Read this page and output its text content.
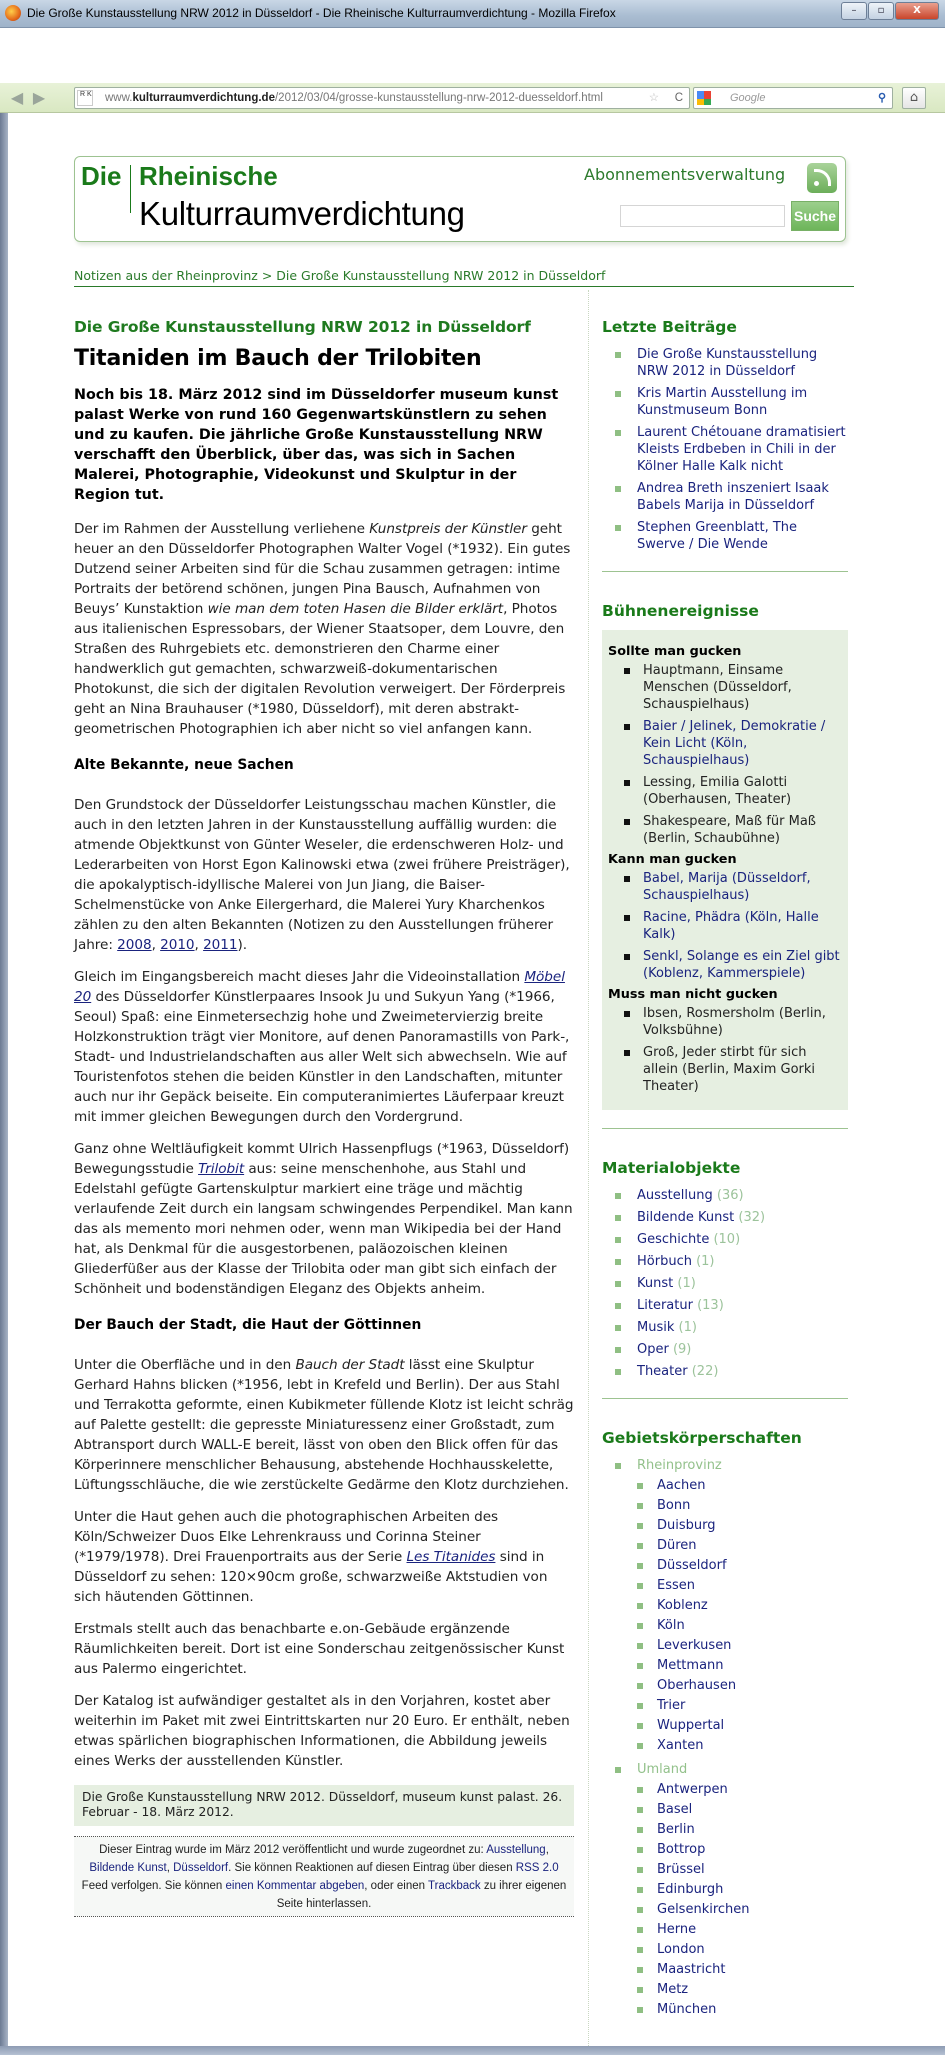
Die Große Kunstausstellung NRW 2012 in Düsseldorf - Die Rheinische Kulturraumverdichtung - Mozilla Firefox	–	▫	X
◀ ▶	R K www.kulturraumverdichtung.de/2012/03/04/grosse-kunstausstellung-nrw-2012-duesseldorf.html	☆ C	Google	⚲	⌂
Die Rheinische
Kulturraumverdichtung
Abonnementsverwaltung
Suche
Notizen aus der Rheinprovinz > Die Große Kunstausstellung NRW 2012 in Düsseldorf
Die Große Kunstausstellung NRW 2012 in Düsseldorf
Titaniden im Bauch der Trilobiten

Noch bis 18. März 2012 sind im Düsseldorfer museum kunst palast Werke von rund 160 Gegenwartskünstlern zu sehen und zu kaufen. Die jährliche Große Kunstausstellung NRW verschafft den Überblick, über das, was sich in Sachen Malerei, Photographie, Videokunst und Skulptur in der Region tut.

Der im Rahmen der Ausstellung verliehene Kunstpreis der Künstler geht heuer an den Düsseldorfer Photographen Walter Vogel (*1932). Ein gutes Dutzend seiner Arbeiten sind für die Schau zusammen getragen: intime Portraits der betörend schönen, jungen Pina Bausch, Aufnahmen von Beuys’ Kunstaktion wie man dem toten Hasen die Bilder erklärt, Photos aus italienischen Espressobars, der Wiener Staatsoper, dem Louvre, den Straßen des Ruhrgebiets etc. demonstrieren den Charme einer handwerklich gut gemachten, schwarzweiß-dokumentarischen Photokunst, die sich der digitalen Revolution verweigert. Der Förderpreis geht an Nina Brauhauser (*1980, Düsseldorf), mit deren abstrakt-geometrischen Photographien ich aber nicht so viel anfangen kann.

Alte Bekannte, neue Sachen

Den Grundstock der Düsseldorfer Leistungsschau machen Künstler, die auch in den letzten Jahren in der Kunstausstellung auffällig wurden: die atmende Objektkunst von Günter Weseler, die erdenschweren Holz- und Lederarbeiten von Horst Egon Kalinowski etwa (zwei frühere Preisträger), die apokalyptisch-idyllische Malerei von Jun Jiang, die Baiser-Schelmenstücke von Anke Eilergerhard, die Malerei Yury Kharchenkos zählen zu den alten Bekannten (Notizen zu den Ausstellungen früherer Jahre: 2008, 2010, 2011).

Gleich im Eingangsbereich macht dieses Jahr die Videoinstallation Möbel 20 des Düsseldorfer Künstlerpaares Insook Ju und Sukyun Yang (*1966, Seoul) Spaß: eine Einmetersechzig hohe und Zweimetervierzig breite Holzkonstruktion trägt vier Monitore, auf denen Panoramastills von Park-, Stadt- und Industrielandschaften aus aller Welt sich abwechseln. Wie auf Touristenfotos stehen die beiden Künstler in den Landschaften, mitunter auch nur ihr Gepäck beiseite. Ein computeranimiertes Läuferpaar kreuzt mit immer gleichen Bewegungen durch den Vordergrund.

Ganz ohne Weltläufigkeit kommt Ulrich Hassenpflugs (*1963, Düsseldorf) Bewegungsstudie Trilobit aus: seine menschenhohe, aus Stahl und Edelstahl gefügte Gartenskulptur markiert eine träge und mächtig verlaufende Zeit durch ein langsam schwingendes Perpendikel. Man kann das als memento mori nehmen oder, wenn man Wikipedia bei der Hand hat, als Denkmal für die ausgestorbenen, paläozoischen kleinen Gliederfüßer aus der Klasse der Trilobita oder man gibt sich einfach der Schönheit und bodenständigen Eleganz des Objekts anheim.

Der Bauch der Stadt, die Haut der Göttinnen

Unter die Oberfläche und in den Bauch der Stadt lässt eine Skulptur Gerhard Hahns blicken (*1956, lebt in Krefeld und Berlin). Der aus Stahl und Terrakotta geformte, einen Kubikmeter füllende Klotz ist leicht schräg auf Palette gestellt: die gepresste Miniaturessenz einer Großstadt, zum Abtransport durch WALL-E bereit, lässt von oben den Blick offen für das Körperinnere menschlicher Behausung, abstehende Hochhausskelette, Lüftungsschläuche, die wie zerstückelte Gedärme den Klotz durchziehen.

Unter die Haut gehen auch die photographischen Arbeiten des Köln/Schweizer Duos Elke Lehrenkrauss und Corinna Steiner (*1979/1978). Drei Frauenportraits aus der Serie Les Titanides sind in Düsseldorf zu sehen: 120×90cm große, schwarzweiße Aktstudien von sich häutenden Göttinnen.

Erstmals stellt auch das benachbarte e.on-Gebäude ergänzende Räumlichkeiten bereit. Dort ist eine Sonderschau zeitgenössischer Kunst aus Palermo eingerichtet.

Der Katalog ist aufwändiger gestaltet als in den Vorjahren, kostet aber weiterhin im Paket mit zwei Eintrittskarten nur 20 Euro. Er enthält, neben etwas spärlichen biographischen Informationen, die Abbildung jeweils eines Werks der ausstellenden Künstler.

Die Große Kunstausstellung NRW 2012. Düsseldorf, museum kunst palast. 26. Februar - 18. März 2012.
Dieser Eintrag wurde im März 2012 veröffentlicht und wurde zugeordnet zu: Ausstellung, Bildende Kunst, Düsseldorf. Sie können Reaktionen auf diesen Eintrag über diesen RSS 2.0 Feed verfolgen. Sie können einen Kommentar abgeben, oder einen Trackback zu ihrer eigenen Seite hinterlassen.
Letzte Beiträge
Die Große Kunstausstellung NRW 2012 in Düsseldorf
Kris Martin Ausstellung im Kunstmuseum Bonn
Laurent Chétouane dramatisiert Kleists Erdbeben in Chili in der Kölner Halle Kalk nicht
Andrea Breth inszeniert Isaak Babels Marija in Düsseldorf
Stephen Greenblatt, The Swerve / Die Wende
Bühnenereignisse
Sollte man gucken
Hauptmann, Einsame Menschen (Düsseldorf, Schauspielhaus)
Baier / Jelinek, Demokratie / Kein Licht (Köln, Schauspielhaus)
Lessing, Emilia Galotti (Oberhausen, Theater)
Shakespeare, Maß für Maß (Berlin, Schaubühne)
Kann man gucken
Babel, Marija (Düsseldorf, Schauspielhaus)
Racine, Phädra (Köln, Halle Kalk)
Senkl, Solange es ein Ziel gibt (Koblenz, Kammerspiele)
Muss man nicht gucken
Ibsen, Rosmersholm (Berlin, Volksbühne)
Groß, Jeder stirbt für sich allein (Berlin, Maxim Gorki Theater)
Materialobjekte
Ausstellung (36)
Bildende Kunst (32)
Geschichte (10)
Hörbuch (1)
Kunst (1)
Literatur (13)
Musik (1)
Oper (9)
Theater (22)
Gebietskörperschaften
Rheinprovinz
Aachen
Bonn
Duisburg
Düren
Düsseldorf
Essen
Koblenz
Köln
Leverkusen
Mettmann
Oberhausen
Trier
Wuppertal
Xanten
Umland
Antwerpen
Basel
Berlin
Bottrop
Brüssel
Edinburgh
Gelsenkirchen
Herne
London
Maastricht
Metz
München
